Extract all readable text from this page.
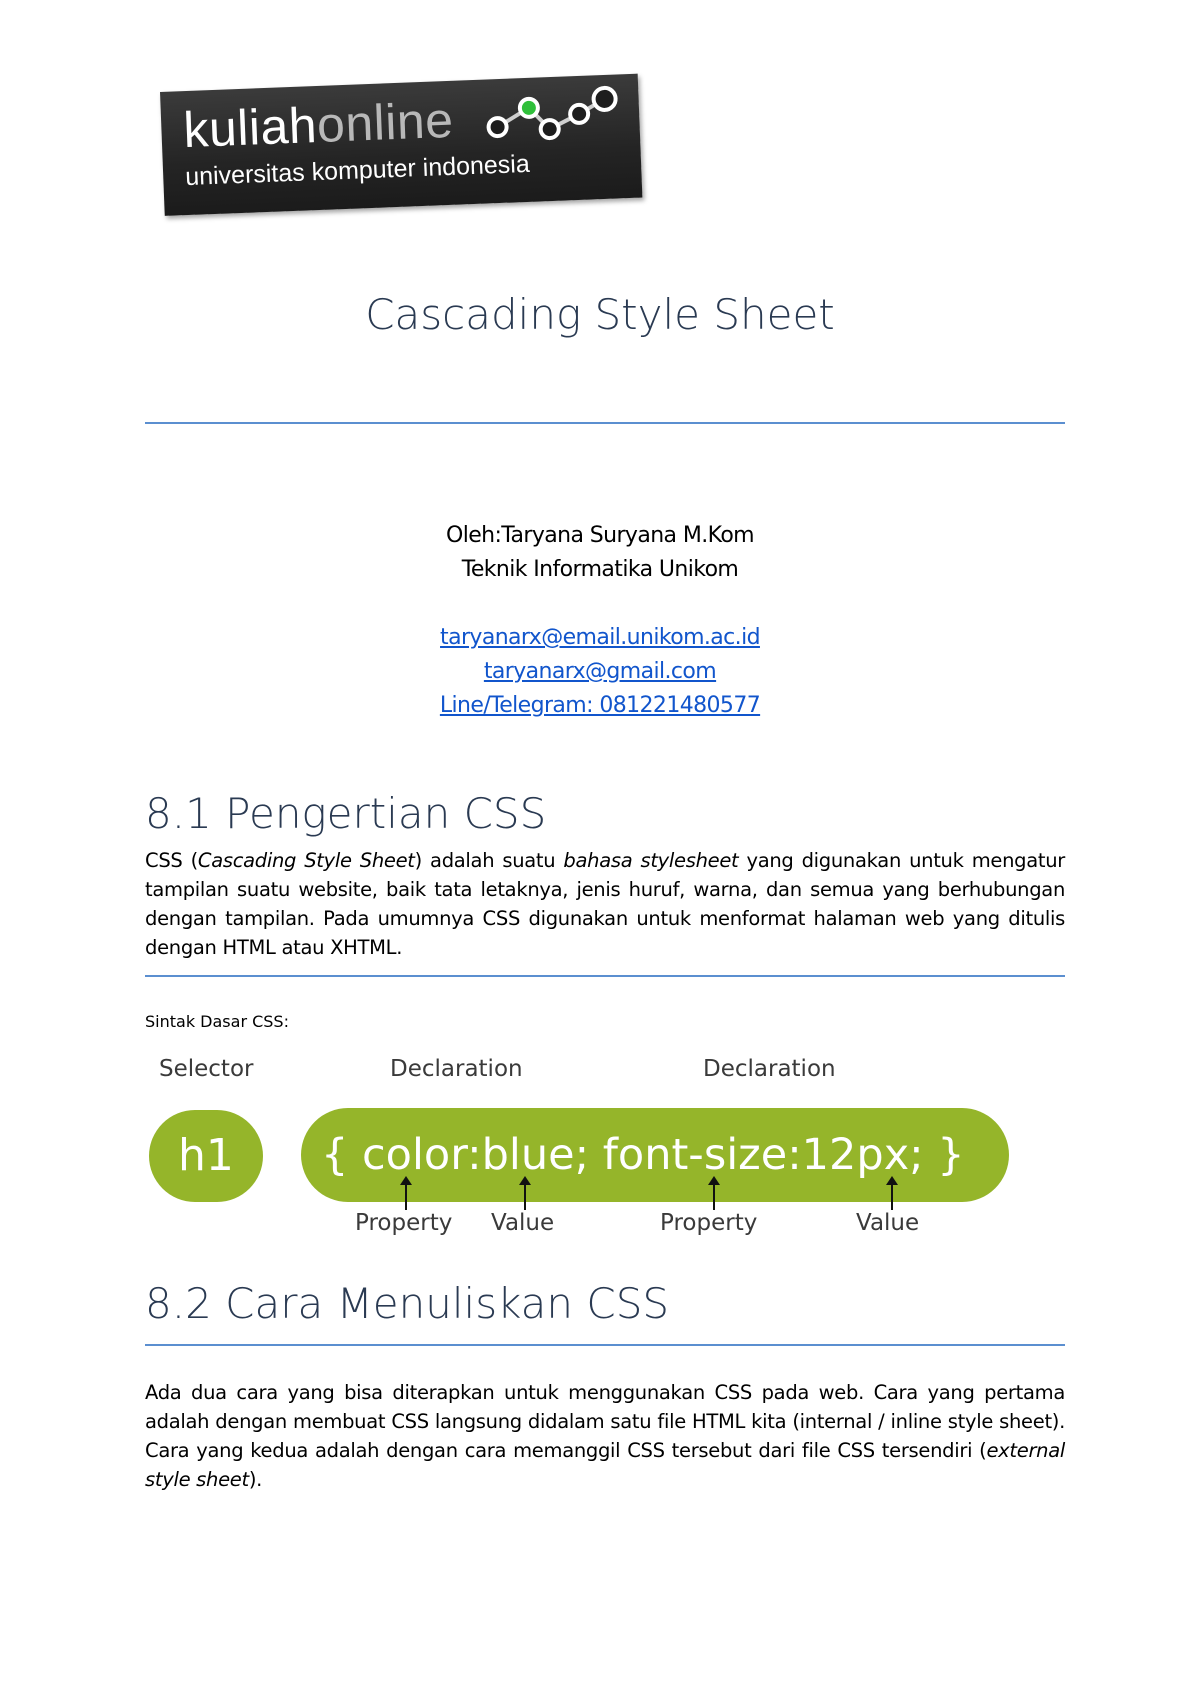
kuliahonline
universitas komputer indonesia
Cascading Style Sheet
Oleh:Taryana Suryana M.Kom
Teknik Informatika Unikom
taryanarx@email.unikom.ac.id
taryanarx@gmail.com
Line/Telegram: 081221480577
8.1 Pengertian CSS

CSS (Cascading Style Sheet) adalah suatu bahasa stylesheet yang digunakan untuk mengatur tampilan suatu website, baik tata letaknya, jenis huruf, warna, dan semua yang berhubungan dengan tampilan. Pada umumnya CSS digunakan untuk menformat halaman web yang ditulis dengan HTML atau XHTML.

Sintak Dasar CSS:
Selector	Declaration	Declaration
h1	{ color:blue; font-size:12px; }
Property Value	Property	Value
8.2 Cara Menuliskan CSS

Ada dua cara yang bisa diterapkan untuk menggunakan CSS pada web. Cara yang pertama adalah dengan membuat CSS langsung didalam satu file HTML kita (internal / inline style sheet). Cara yang kedua adalah dengan cara memanggil CSS tersebut dari file CSS tersendiri (external style sheet).
